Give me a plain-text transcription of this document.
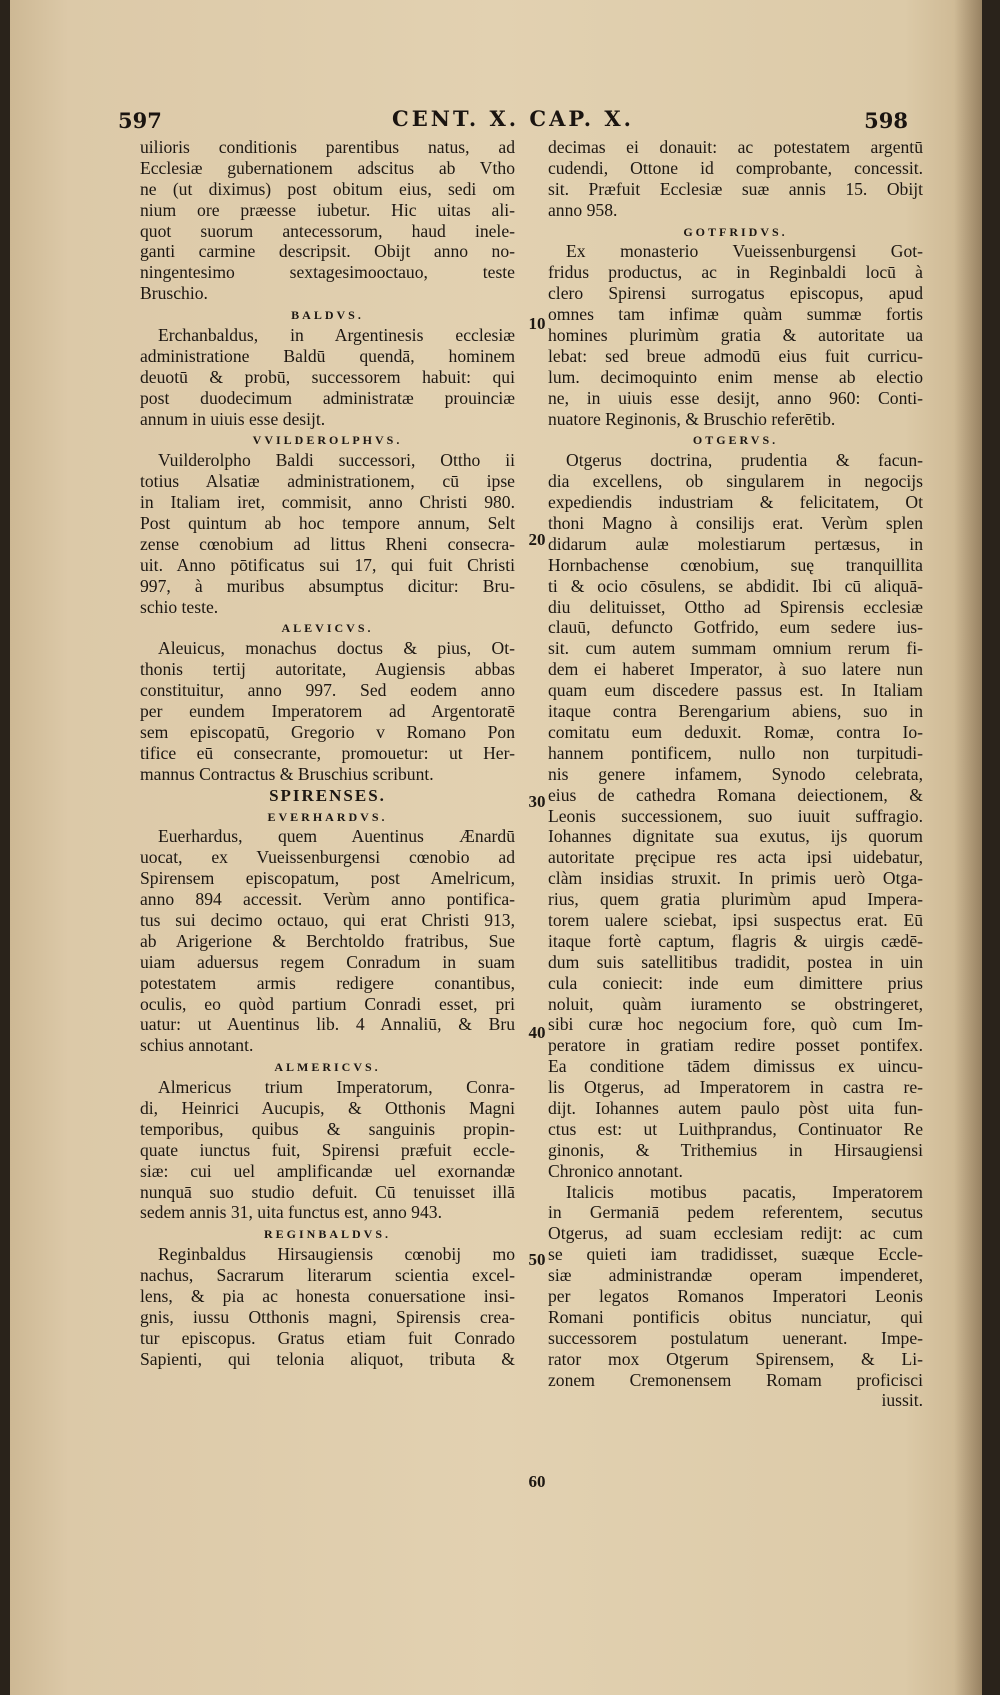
597	CENT. X. CAP. X.	598
uilioris conditionis parentibus natus, ad
Ecclesiæ gubernationem adscitus ab Vtho
ne (ut diximus) post obitum eius, sedi om
nium ore præesse iubetur. Hic uitas ali-
quot suorum antecessorum, haud inele-
ganti carmine descripsit. Obijt anno no-
ningentesimo sextagesimooctauo, teste
Bruschio.
BALDVS.
Erchanbaldus, in Argentinesis ecclesiæ
administratione Baldū quendā, hominem
deuotū & probū, successorem habuit: qui
post duodecimum administratæ prouinciæ
annum in uiuis esse desijt.
VVILDEROLPHVS.
Vuilderolpho Baldi successori, Ottho ii
totius Alsatiæ administrationem, cū ipse
in Italiam iret, commisit, anno Christi 980.
Post quintum ab hoc tempore annum, Selt
zense cœnobium ad littus Rheni consecra-
uit. Anno pōtificatus sui 17, qui fuit Christi
997, à muribus absumptus dicitur: Bru-
schio teste.
ALEVICVS.
Aleuicus, monachus doctus & pius, Ot-
thonis tertij autoritate, Augiensis abbas
constituitur, anno 997. Sed eodem anno
per eundem Imperatorem ad Argentoratē
sem episcopatū, Gregorio v Romano Pon
tifice eū consecrante, promouetur: ut Her-
mannus Contractus & Bruschius scribunt.
SPIRENSES.
EVERHARDVS.
Euerhardus, quem Auentinus Ænardū
uocat, ex Vueissenburgensi cœnobio ad
Spirensem episcopatum, post Amelricum,
anno 894 accessit. Verùm anno pontifica-
tus sui decimo octauo, qui erat Christi 913,
ab Arigerione & Berchtoldo fratribus, Sue
uiam aduersus regem Conradum in suam
potestatem armis redigere conantibus,
oculis, eo quòd partium Conradi esset, pri
uatur: ut Auentinus lib. 4 Annaliū, & Bru
schius annotant.
ALMERICVS.
Almericus trium Imperatorum, Conra-
di, Heinrici Aucupis, & Otthonis Magni
temporibus, quibus & sanguinis propin-
quate iunctus fuit, Spirensi præfuit eccle-
siæ: cui uel amplificandæ uel exornandæ
nunquā suo studio defuit. Cū tenuisset illā
sedem annis 31, uita functus est, anno 943.
REGINBALDVS.
Reginbaldus Hirsaugiensis cœnobij mo
nachus, Sacrarum literarum scientia excel-
lens, & pia ac honesta conuersatione insi-
gnis, iussu Otthonis magni, Spirensis crea-
tur episcopus. Gratus etiam fuit Conrado
Sapienti, qui telonia aliquot, tributa &
decimas ei donauit: ac potestatem argentū
cudendi, Ottone id comprobante, concessit.
sit. Præfuit Ecclesiæ suæ annis 15. Obijt
anno 958.
GOTFRIDVS.
Ex monasterio Vueissenburgensi Got-
fridus productus, ac in Reginbaldi locū à
clero Spirensi surrogatus episcopus, apud
omnes tam infimæ quàm summæ fortis
homines plurimùm gratia & autoritate ua
lebat: sed breue admodū eius fuit curricu-
lum. decimoquinto enim mense ab electio
ne, in uiuis esse desijt, anno 960: Conti-
nuatore Reginonis, & Bruschio referētib.
OTGERVS.
Otgerus doctrina, prudentia & facun-
dia excellens, ob singularem in negocijs
expediendis industriam & felicitatem, Ot
thoni Magno à consilijs erat. Verùm splen
didarum aulæ molestiarum pertæsus, in
Hornbachense cœnobium, suę tranquillita
ti & ocio cōsulens, se abdidit. Ibi cū aliquā-
diu delituisset, Ottho ad Spirensis ecclesiæ
clauū, defuncto Gotfrido, eum sedere ius-
sit. cum autem summam omnium rerum fi-
dem ei haberet Imperator, à suo latere nun
quam eum discedere passus est. In Italiam
itaque contra Berengarium abiens, suo in
comitatu eum deduxit. Romæ, contra Io-
hannem pontificem, nullo non turpitudi-
nis genere infamem, Synodo celebrata,
eius de cathedra Romana deiectionem, &
Leonis successionem, suo iuuit suffragio.
Iohannes dignitate sua exutus, ijs quorum
autoritate pręcipue res acta ipsi uidebatur,
clàm insidias struxit. In primis uerò Otga-
rius, quem gratia plurimùm apud Impera-
torem ualere sciebat, ipsi suspectus erat. Eū
itaque fortè captum, flagris & uirgis cædē-
dum suis satellitibus tradidit, postea in uin
cula coniecit: inde eum dimittere prius
noluit, quàm iuramento se obstringeret,
sibi curæ hoc negocium fore, quò cum Im-
peratore in gratiam redire posset pontifex.
Ea conditione tādem dimissus ex uincu-
lis Otgerus, ad Imperatorem in castra re-
dijt. Iohannes autem paulo pòst uita fun-
ctus est: ut Luithprandus, Continuator Re
ginonis, & Trithemius in Hirsaugiensi
Chronico annotant.
Italicis motibus pacatis, Imperatorem
in Germaniā pedem referentem, secutus
Otgerus, ad suam ecclesiam redijt: ac cum
se quieti iam tradidisset, suæque Eccle-
siæ administrandæ operam impenderet,
per legatos Romanos Imperatori Leonis
Romani pontificis obitus nunciatur, qui
successorem postulatum uenerant. Impe-
rator mox Otgerum Spirensem, & Li-
zonem Cremonensem Romam proficisci
iussit.
10
20
30
40
50
60
